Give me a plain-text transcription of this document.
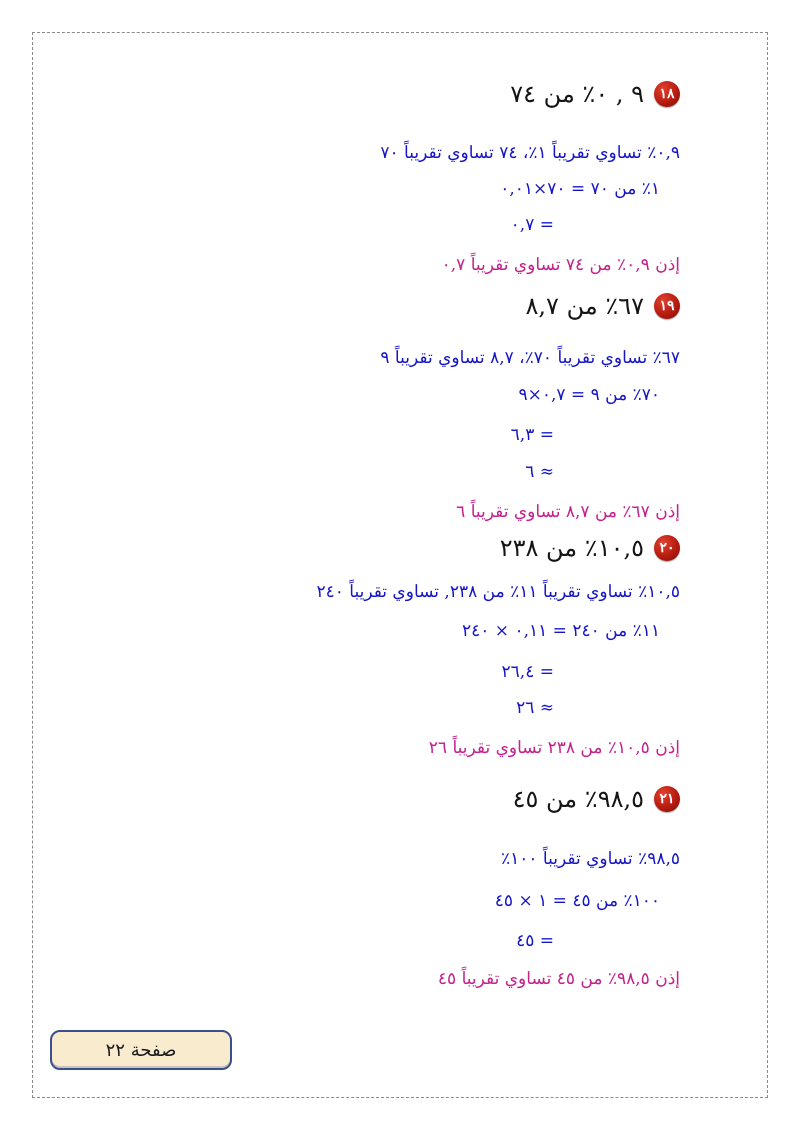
١٨
٩ , ٠٪ من ٧٤
٠,٩٪ تساوي تقريباً ١٪، ٧٤ تساوي تقريباً ٧٠
١٪ من ٧٠ = ٧٠×٠,٠١
= ٠,٧
إذن ٠,٩٪ من ٧٤ تساوي تقريباً ٠,٧
١٩
٦٧٪ من ٨,٧
٦٧٪ تساوي تقريباً ٧٠٪، ٨,٧ تساوي تقريباً ٩
٧٠٪ من ٩ = ٠,٧×٩
= ٦,٣
≈ ٦
إذن ٦٧٪ من ٨,٧ تساوي تقريباً ٦
٢٠
١٠,٥٪ من ٢٣٨
١٠,٥٪ تساوي تقريباً ١١٪ من ٢٣٨, تساوي تقريباً ٢٤٠
١١٪ من ٢٤٠ = ٠,١١ × ٢٤٠
= ٢٦,٤
≈ ٢٦
إذن ١٠,٥٪ من ٢٣٨ تساوي تقريباً ٢٦
٢١
٩٨,٥٪ من ٤٥
٩٨,٥٪ تساوي تقريباً ١٠٠٪
١٠٠٪ من ٤٥ = ١ × ٤٥
= ٤٥
إذن ٩٨,٥٪ من ٤٥ تساوي تقريباً ٤٥
صفحة ٢٢
